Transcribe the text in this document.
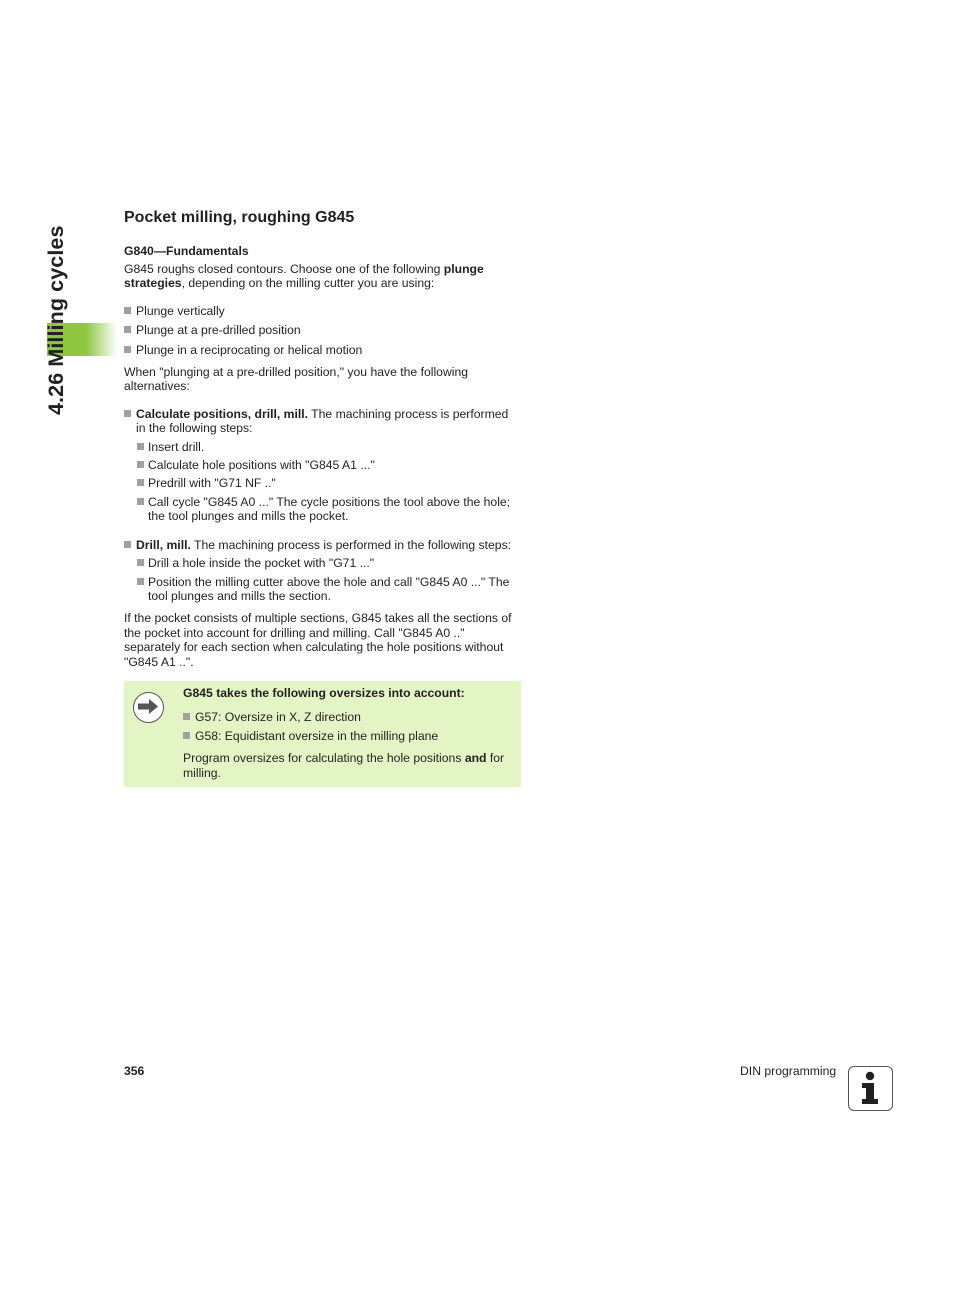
4.26 Milling cycles
Pocket milling, roughing G845
G840—Fundamentals

G845 roughs closed contours. Choose one of the following plunge strategies, depending on the milling cutter you are using:

Plunge vertically
Plunge at a pre-drilled position
Plunge in a reciprocating or helical motion

When "plunging at a pre-drilled position," you have the following alternatives:

Calculate positions, drill, mill. The machining process is performed in the following steps:
Insert drill.
Calculate hole positions with "G845 A1 ..."
Predrill with "G71 NF .."
Call cycle "G845 A0 ..." The cycle positions the tool above the hole; the tool plunges and mills the pocket.
Drill, mill. The machining process is performed in the following steps:
Drill a hole inside the pocket with "G71 ..."
Position the milling cutter above the hole and call "G845 A0 ..." The tool plunges and mills the section.

If the pocket consists of multiple sections, G845 takes all the sections of the pocket into account for drilling and milling. Call "G845 A0 .." separately for each section when calculating the hole positions without "G845 A1 ..".

G845 takes the following oversizes into account:

G57: Oversize in X, Z direction
G58: Equidistant oversize in the milling plane

Program oversizes for calculating the hole positions and for milling.

356	DIN programming
